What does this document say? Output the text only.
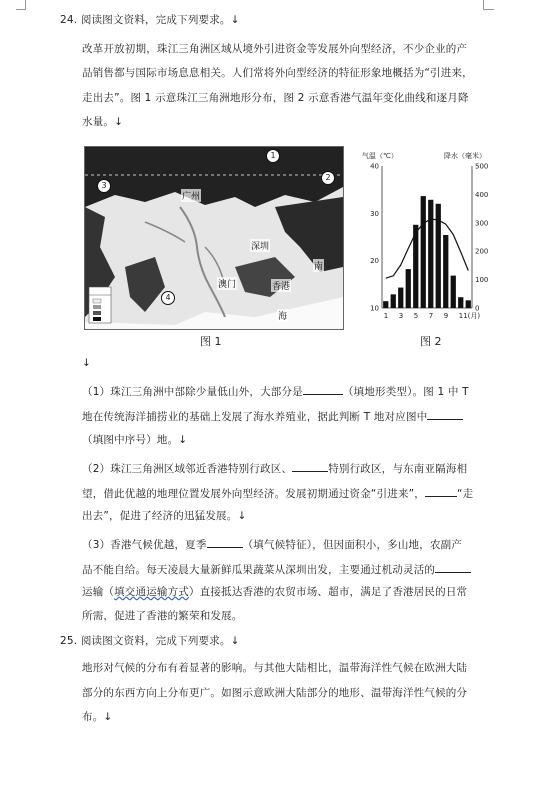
24. 阅读图文资料，完成下列要求。↓
改革开放初期，珠江三角洲区域从境外引进资金等发展外向型经济，不少企业的产
品销售都与国际市场息息相关。人们常将外向型经济的特征形象地概括为“引进来，
走出去”。图 1 示意珠江三角洲地形分布，图 2 示意香港气温年变化曲线和逐月降
水量。↓
广州
深圳
澳门	香港
南
海
1
2
3
4
图 1
气温（℃）	降水（毫米）
10
20
30
40
0
100
200
300
400
500
1 3 5 7 9 11(月)
图 2
↓
（1）珠江三角洲中部除少量低山外，大部分是	（填地形类型）。图 1 中 T
地在传统海洋捕捞业的基础上发展了海水养殖业，据此判断 T 地对应图中
（填图中序号）地。↓
（2）珠江三角洲区域邻近香港特别行政区、	特别行政区，与东南亚隔海相
望，借此优越的地理位置发展外向型经济。发展初期通过资金“引进来”，	“走
出去”，促进了经济的迅猛发展。↓
（3）香港气候优越，夏季	（填气候特征），但因面积小，多山地，农副产
品不能自给。每天凌晨大量新鲜瓜果蔬菜从深圳出发，主要通过机动灵活的
运输（填交通运输方式）直接抵达香港的农贸市场、超市，满足了香港居民的日常
所需，促进了香港的繁荣和发展。
25. 阅读图文资料，完成下列要求。↓
地形对气候的分布有着显著的影响。与其他大陆相比，温带海洋性气候在欧洲大陆
部分的东西方向上分布更广。如图示意欧洲大陆部分的地形、温带海洋性气候的分
布。↓
